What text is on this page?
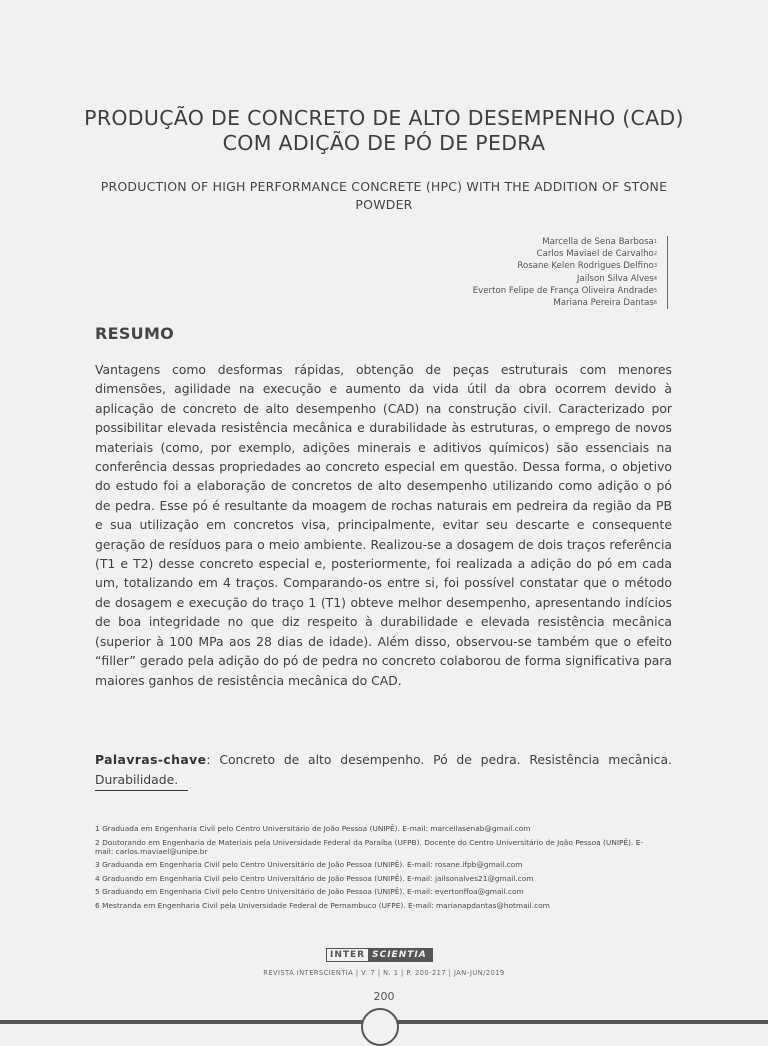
PRODUÇÃO DE CONCRETO DE ALTO DESEMPENHO (CAD) COM ADIÇÃO DE PÓ DE PEDRA

PRODUCTION OF HIGH PERFORMANCE CONCRETE (HPC) WITH THE ADDITION OF STONE POWDER

Marcella de Sena Barbosa$^1$
Carlos Maviael de Carvalho$^2$
Rosane Kelen Rodrigues Delfino$^3$
Jailson Silva Alves$^4$
Everton Felipe de França Oliveira Andrade$^5$
Mariana Pereira Dantas$^6$
RESUMO

Vantagens como desformas rápidas, obtenção de peças estruturais com menores dimensões, agilidade na execução e aumento da vida útil da obra ocorrem devido à aplicação de concreto de alto desempenho (CAD) na construção civil. Caracterizado por possibilitar elevada resistência mecânica e durabilidade às estruturas, o emprego de novos materiais (como, por exemplo, adições minerais e aditivos químicos) são essenciais na conferência dessas propriedades ao concreto especial em questão. Dessa forma, o objetivo do estudo foi a elaboração de concretos de alto desempenho utilizando como adição o pó de pedra. Esse pó é resultante da moagem de rochas naturais em pedreira da região da PB e sua utilização em concretos visa, principalmente, evitar seu descarte e consequente geração de resíduos para o meio ambiente. Realizou-se a dosagem de dois traços referência (T1 e T2) desse concreto especial e, posteriormente, foi realizada a adição do pó em cada um, totalizando em 4 traços. Comparando-os entre si, foi possível constatar que o método de dosagem e execução do traço 1 (T1) obteve melhor desempenho, apresentando indícios de boa integridade no que diz respeito à durabilidade e elevada resistência mecânica (superior à 100 MPa aos 28 dias de idade). Além disso, observou-se também que o efeito “filler” gerado pela adição do pó de pedra no concreto colaborou de forma significativa para maiores ganhos de resistência mecânica do CAD.

Palavras-chave: Concreto de alto desempenho. Pó de pedra. Resistência mecânica. Durabilidade.

1 Graduada em Engenharia Civil pelo Centro Universitário de João Pessoa (UNIPÊ). E-mail: marcellasenab@gmail.com
2 Doutorando em Engenharia de Materiais pela Universidade Federal da Paraíba (UFPB). Docente do Centro Universitário de João Pessoa (UNIPÊ). E-mail: carlos.maviael@unipe.br
3 Graduanda em Engenharia Civil pelo Centro Universitário de João Pessoa (UNIPÊ). E-mail: rosane.ifpb@gmail.com
4 Graduando em Engenharia Civil pelo Centro Universitário de João Pessoa (UNIPÊ). E-mail: jailsonalves21@gmail.com
5 Graduando em Engenharia Civil pelo Centro Universitário de João Pessoa (UNIPÊ). E-mail: evertonffoa@gmail.com
6 Mestranda em Engenharia Civil pela Universidade Federal de Pernambuco (UFPE). E-mail: marianapdantas@hotmail.com
INTER SCIENTIA
REVISTA INTERSCIENTIA | V. 7 | N. 1 | P. 200-217 | JAN-JUN/2019
200
